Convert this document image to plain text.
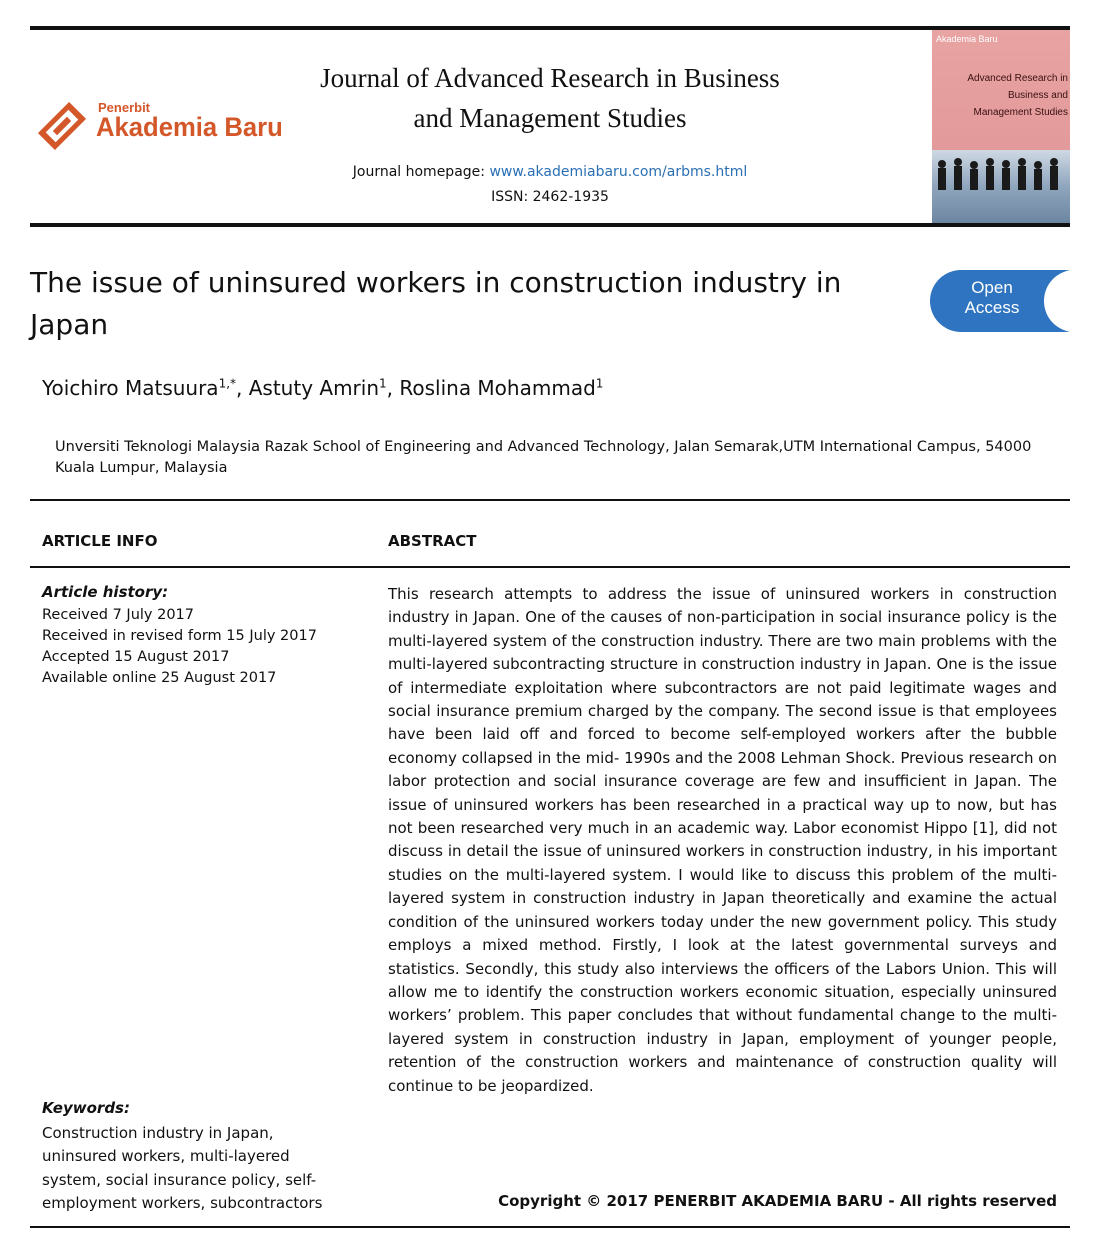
Penerbit
Akademia Baru
Journal of Advanced Research in Business
and Management Studies
Journal homepage: www.akademiabaru.com/arbms.html
ISSN: 2462-1935
Akademia Baru
Advanced Research in
Business and
Management Studies
The issue of uninsured workers in construction industry in Japan
Open
Access
Yoichiro Matsuura$^{1,*}$, Astuty Amrin$^1$, Roslina Mohammad$^1$
Unversiti Teknologi Malaysia Razak School of Engineering and Advanced Technology, Jalan Semarak,UTM International Campus, 54000 Kuala Lumpur, Malaysia
ARTICLE INFO	ABSTRACT
Article history:
Received 7 July 2017
Received in revised form 15 July 2017
Accepted 15 August 2017
Available online 25 August 2017
This research attempts to address the issue of uninsured workers in construction industry in Japan. One of the causes of non-participation in social insurance policy is the multi-layered system of the construction industry. There are two main problems with the multi-layered subcontracting structure in construction industry in Japan. One is the issue of intermediate exploitation where subcontractors are not paid legitimate wages and social insurance premium charged by the company. The second issue is that employees have been laid off and forced to become self-employed workers after the bubble economy collapsed in the mid- 1990s and the 2008 Lehman Shock. Previous research on labor protection and social insurance coverage are few and insufficient in Japan. The issue of uninsured workers has been researched in a practical way up to now, but has not been researched very much in an academic way. Labor economist Hippo [1], did not discuss in detail the issue of uninsured workers in construction industry, in his important studies on the multi-layered system. I would like to discuss this problem of the multi-layered system in construction industry in Japan theoretically and examine the actual condition of the uninsured workers today under the new government policy. This study employs a mixed method. Firstly, I look at the latest governmental surveys and statistics. Secondly, this study also interviews the officers of the Labors Union. This will allow me to identify the construction workers economic situation, especially uninsured workers’ problem. This paper concludes that without fundamental change to the multi-layered system in construction industry in Japan, employment of younger people, retention of the construction workers and maintenance of construction quality will continue to be jeopardized.
Keywords:
Construction industry in Japan, uninsured workers, multi-layered system, social insurance policy, self-employment workers, subcontractors	Copyright © 2017 PENERBIT AKADEMIA BARU - All rights reserved
